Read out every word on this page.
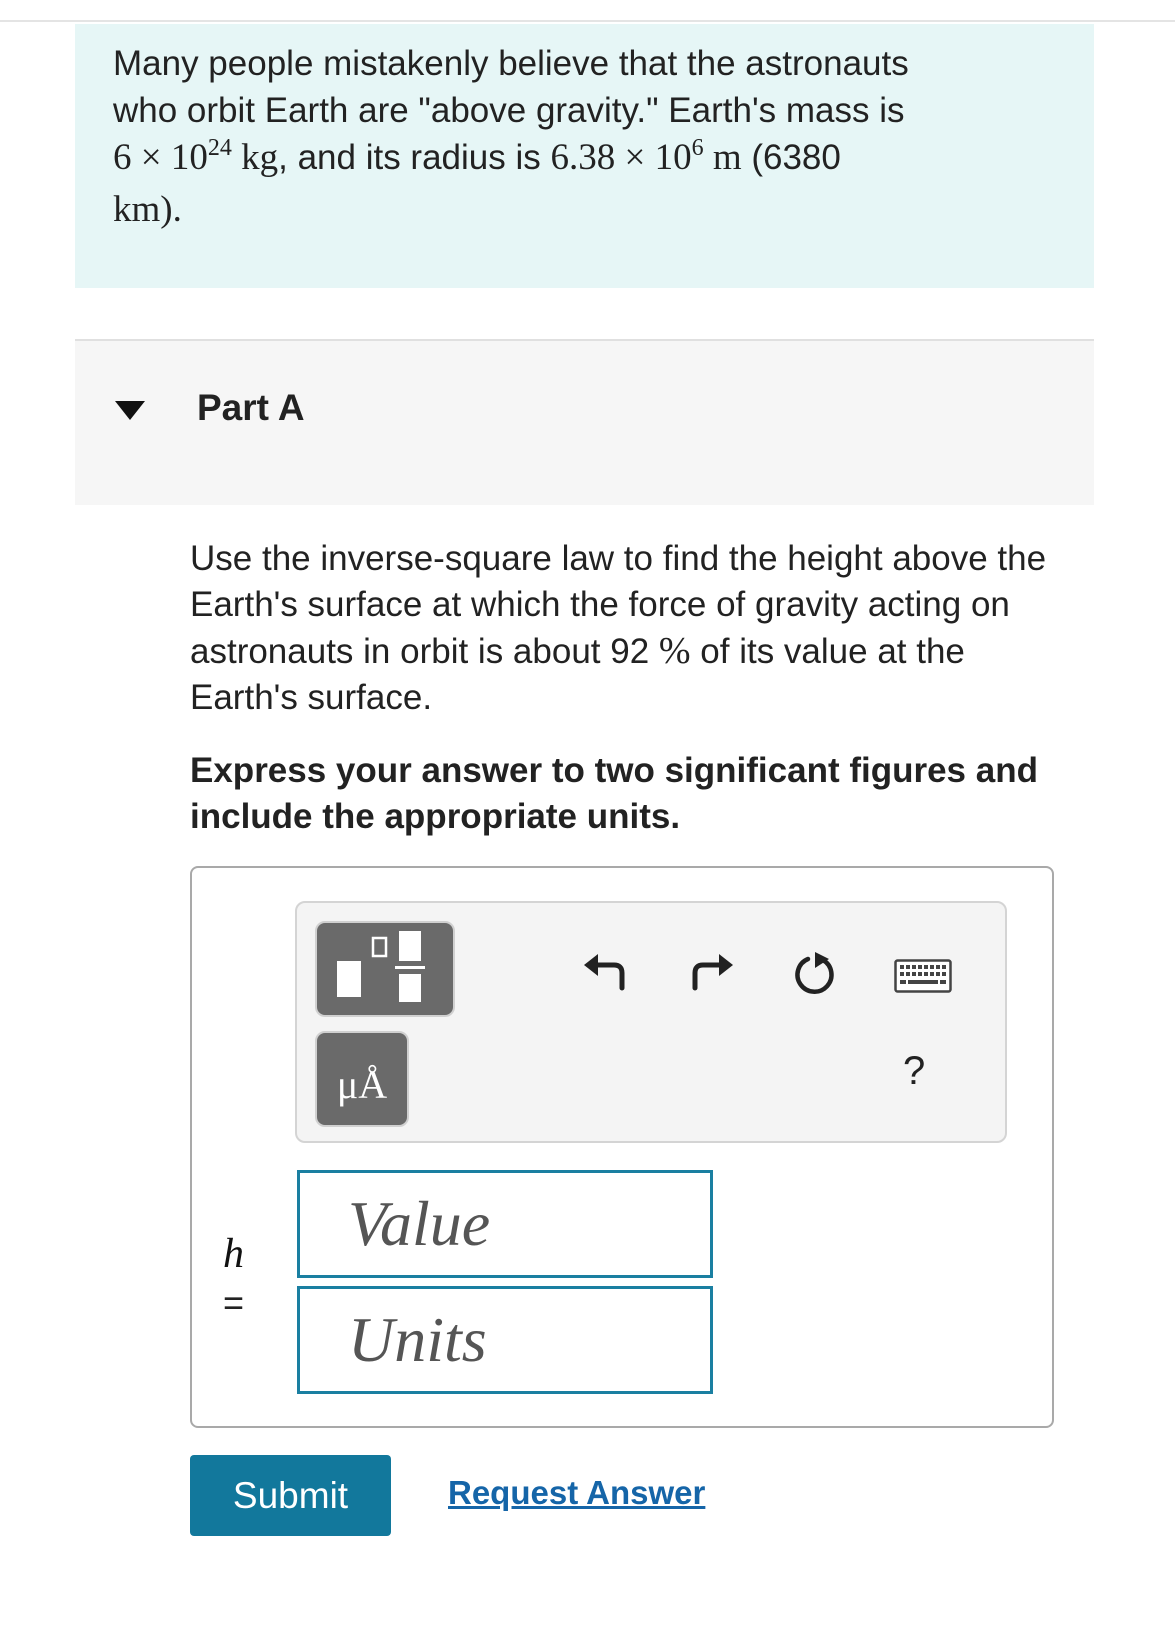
Many people mistakenly believe that the astronauts
who orbit Earth are "above gravity." Earth's mass is
$6 \times 10^{24}$ kg, and its radius is $6.38 \times 10^6$ m (6380
km).
Part A
Use the inverse-square law to find the height above the Earth's surface at which the force of gravity acting on astronauts in orbit is about 92 % of its value at the Earth's surface.
Express your answer to two significant figures and include the appropriate units.
μÅ	?
h
=
Value
Units
Submit	Request Answer
